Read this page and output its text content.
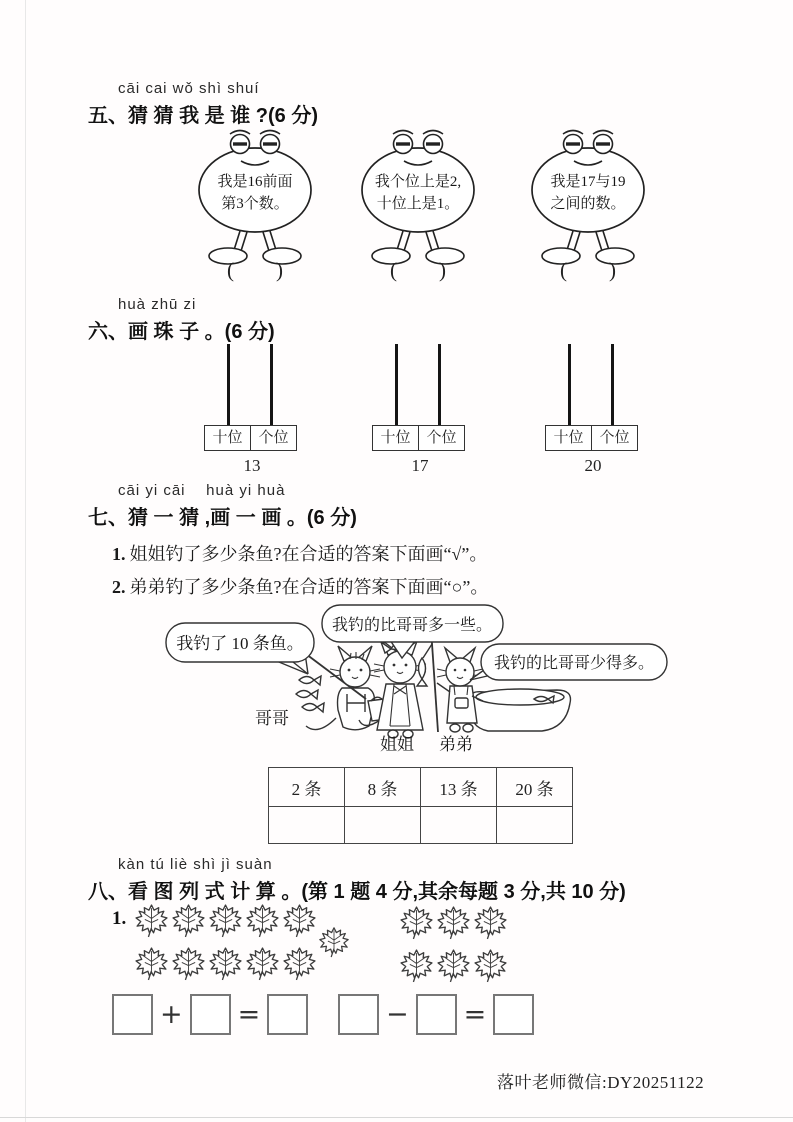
cāi cai wǒ shì shuí
五、猜 猜 我 是 谁 ?(6 分)
我是16前面
第3个数。
我个位上是2,
十位上是1。
我是17与19
之间的数。
(        )	(        )	(        )
huà zhū zi
六、画 珠 子 。(6 分)
十位	个位
13
十位	个位
17
十位	个位
20
cāi yi cāi    huà yi huà
七、猜 一 猜 ,画 一 画 。(6 分)
1. 姐姐钓了多少条鱼?在合适的答案下面画“√”。
2. 弟弟钓了多少条鱼?在合适的答案下面画“○”。
我钓了 10 条鱼。
我钓的比哥哥多一些。
我钓的比哥哥少得多。
哥哥
姐姐 弟弟
2 条	8 条	13 条	20 条

kàn tú liè shì jì suàn
八、看 图 列 式 计 算 。(第 1 题 4 分,其余每题 3 分,共 10 分)
1.
+ =	− =
落叶老师微信:DY20251122
